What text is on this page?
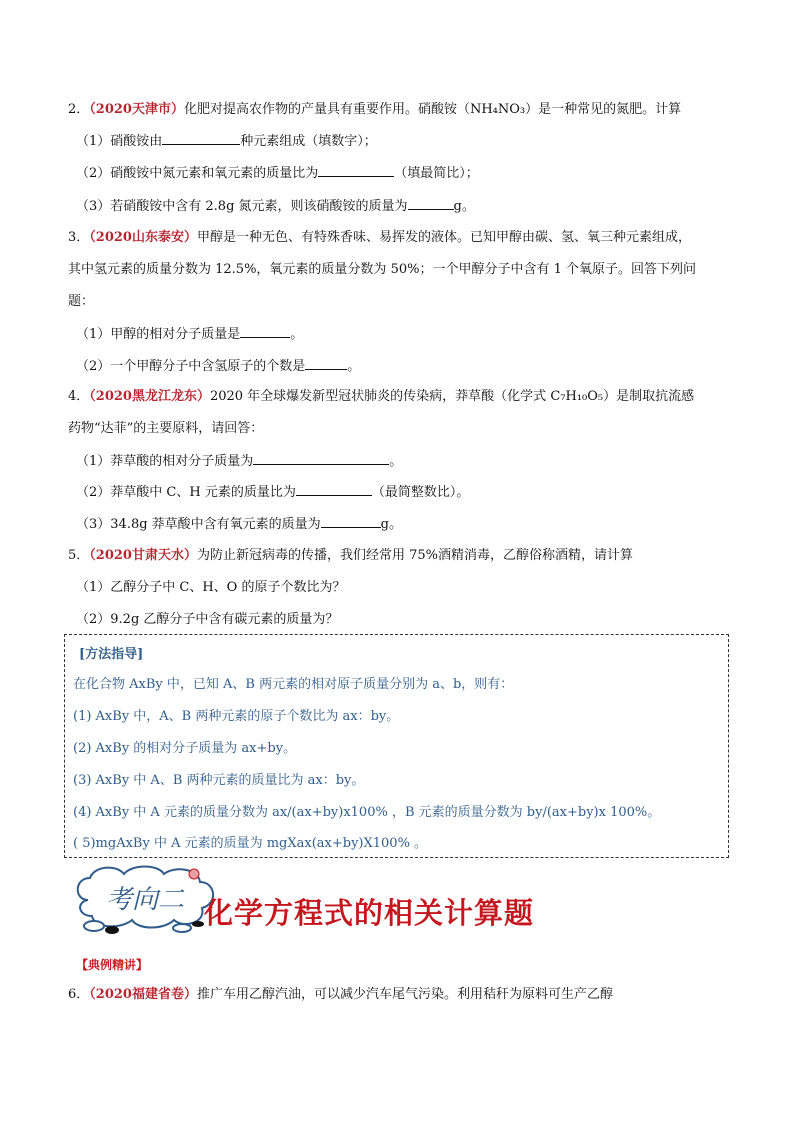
2．（2020天津市）化肥对提高农作物的产量具有重要作用。硝酸铵（NH₄NO₃）是一种常见的氮肥。计算
（1）硝酸铵由	种元素组成（填数字）；
（2）硝酸铵中氮元素和氧元素的质量比为	（填最简比）；
（3）若硝酸铵中含有 2.8g 氮元素，则该硝酸铵的质量为	g。
3．（2020山东泰安）甲醇是一种无色、有特殊香味、易挥发的液体。已知甲醇由碳、氢、氧三种元素组成，
其中氢元素的质量分数为 12.5%，氧元素的质量分数为 50%；一个甲醇分子中含有 1 个氧原子。回答下列问
题：
（1）甲醇的相对分子质量是	。
（2）一个甲醇分子中含氢原子的个数是	。
4．（2020黑龙江龙东）2020 年全球爆发新型冠状肺炎的传染病，莽草酸（化学式 C₇H₁₀O₅）是制取抗流感
药物“达菲”的主要原料，请回答：
（1）莽草酸的相对分子质量为	。
（2）莽草酸中 C、H 元素的质量比为	（最简整数比）。
（3）34.8g 莽草酸中含有氧元素的质量为	g。
5．（2020甘肃天水）为防止新冠病毒的传播，我们经常用 75%酒精消毒，乙醇俗称酒精，请计算
（1）乙醇分子中 C、H、O 的原子个数比为？
（2）9.2g 乙醇分子中含有碳元素的质量为？
[方法指导]
在化合物 AxBy 中，已知 A、B 两元素的相对原子质量分别为 a、b，则有：
(1) AxBy 中，A、B 两种元素的原子个数比为 ax：by。
(2) AxBy 的相对分子质量为 ax+by。
(3) AxBy 中 A、B 两种元素的质量比为 ax：by。
(4) AxBy 中 A 元素的质量分数为 ax/(ax+by)x100% ，B 元素的质量分数为 by/(ax+by)x 100%。
( 5)mgAxBy 中 A 元素的质量为 mgXax(ax+by)X100% 。
考向二 化学方程式的相关计算题
【典例精讲】
6．（2020福建省卷）推广车用乙醇汽油，可以减少汽车尾气污染。利用秸秆为原料可生产乙醇
